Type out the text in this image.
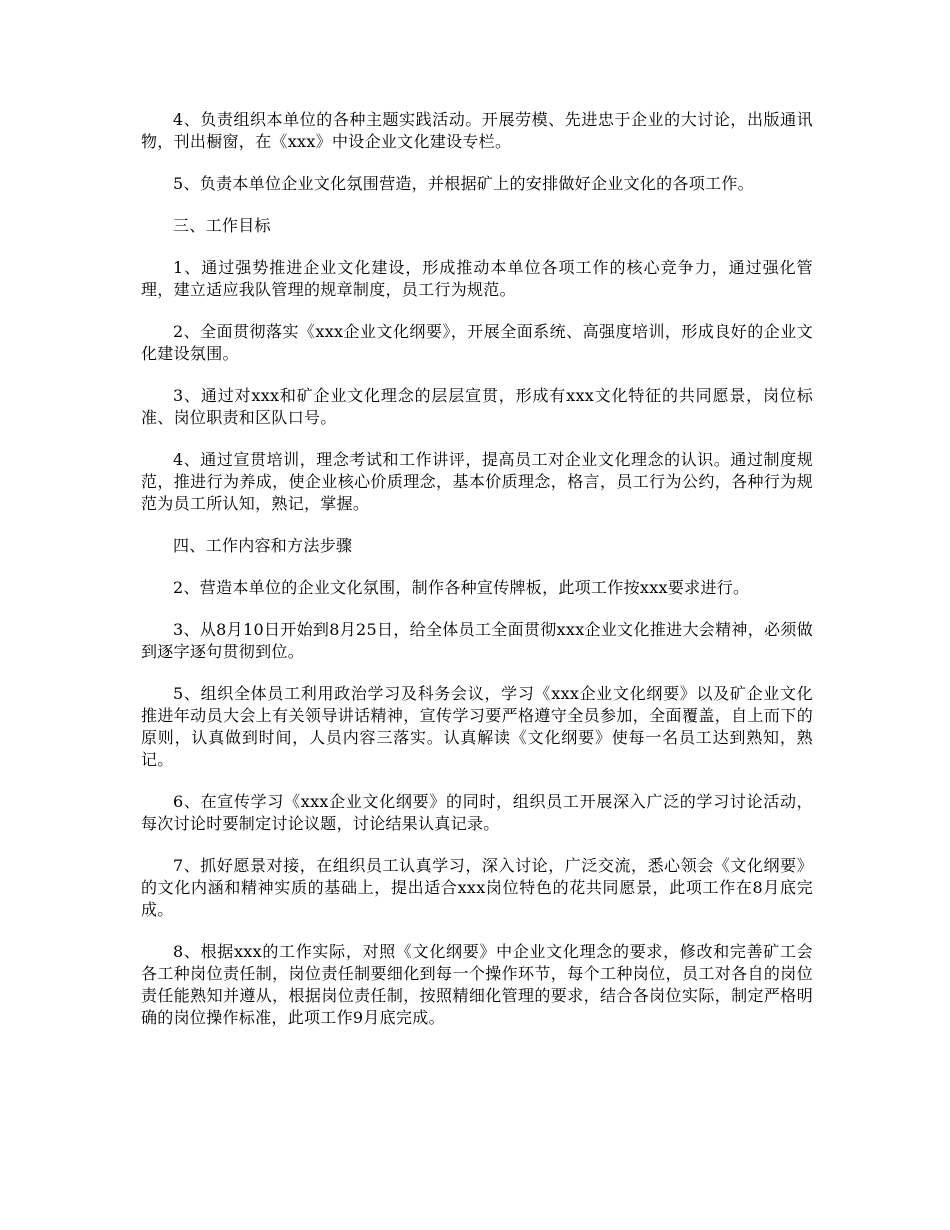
4、负责组织本单位的各种主题实践活动。开展劳模、先进忠于企业的大讨论，出版通讯物，刊出橱窗，在《xxx》中设企业文化建设专栏。

5、负责本单位企业文化氛围营造，并根据矿上的安排做好企业文化的各项工作。

三、工作目标

1、通过强势推进企业文化建设，形成推动本单位各项工作的核心竞争力，通过强化管理，建立适应我队管理的规章制度，员工行为规范。

2、全面贯彻落实《xxx企业文化纲要》，开展全面系统、高强度培训，形成良好的企业文化建设氛围。

3、通过对xxx和矿企业文化理念的层层宣贯，形成有xxx文化特征的共同愿景，岗位标准、岗位职责和区队口号。

4、通过宣贯培训，理念考试和工作讲评，提高员工对企业文化理念的认识。通过制度规范，推进行为养成，使企业核心价质理念，基本价质理念，格言，员工行为公约，各种行为规范为员工所认知，熟记，掌握。

四、工作内容和方法步骤

2、营造本单位的企业文化氛围，制作各种宣传牌板，此项工作按xxx要求进行。

3、从8月10日开始到8月25日，给全体员工全面贯彻xxx企业文化推进大会精神，必须做到逐字逐句贯彻到位。

5、组织全体员工利用政治学习及科务会议，学习《xxx企业文化纲要》以及矿企业文化推进年动员大会上有关领导讲话精神，宣传学习要严格遵守全员参加，全面覆盖，自上而下的原则，认真做到时间，人员内容三落实。认真解读《文化纲要》使每一名员工达到熟知，熟记。

6、在宣传学习《xxx企业文化纲要》的同时，组织员工开展深入广泛的学习讨论活动，每次讨论时要制定讨论议题，讨论结果认真记录。

7、抓好愿景对接，在组织员工认真学习，深入讨论，广泛交流，悉心领会《文化纲要》的文化内涵和精神实质的基础上，提出适合xxx岗位特色的花共同愿景，此项工作在8月底完成。

8、根据xxx的工作实际，对照《文化纲要》中企业文化理念的要求，修改和完善矿工会各工种岗位责任制，岗位责任制要细化到每一个操作环节，每个工种岗位，员工对各自的岗位责任能熟知并遵从，根据岗位责任制，按照精细化管理的要求，结合各岗位实际，制定严格明确的岗位操作标准，此项工作9月底完成。
